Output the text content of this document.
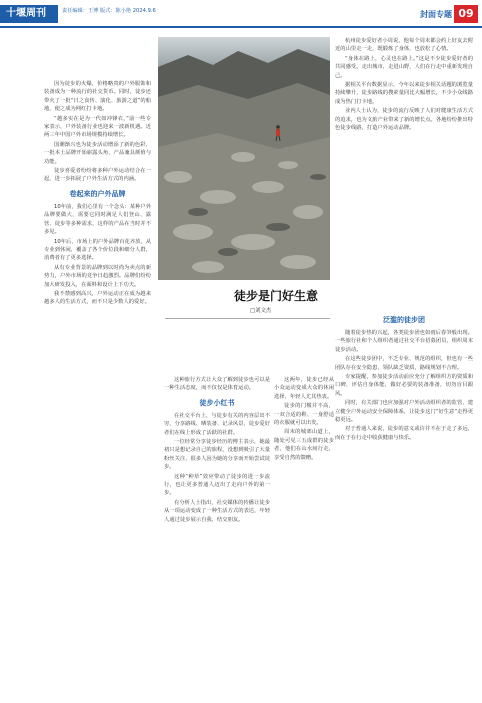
十堰周刊	责任编辑：王博 版式：陈小艳 2024.9.6	封面专题 09

因为徒步的火爆，价格略贵的户外服饰和装备成为一种流行的社交货币。同时，徒步还带火了一批“日之食传、演化、旅游之道”的船地，使之成为网红打卡地。

“越多实在是为一代如冲锋衣，”前一些专家表示，户外装备行业也迎来一波新机遇。近两三年中国户外市场规模持续增长。

国潮渐兴也为徒步活动增添了新的色彩，一批本土品牌开始崭露头角，产品兼具颜值与功能。

徒步喜爱者纷纷将多种户外运动结合在一起，进一步拓展了户外生活方式的内涵。

卷起来的户外品牌

10年前，我们心里有一个念头：某种户外品牌要做大，需要它同时满足人们登山、露营、徒步等多种需求，这样的产品在当时并不多见。

10年后，市场上的户外品牌百花齐放，从专业到休闲，覆盖了各个价位段和细分人群，消费者有了更多选择。

从有专业背景的品牌到以时尚为卖点的新势力，户外市场的竞争日趋激烈。品牌们纷纷加大研发投入，在面料和设计上下功夫。

我不禁感到高兴，户外运动正在成为越来越多人的生活方式，而不只是少数人的爱好。	徒步是门好生意
□刘文杰

杭州徒步爱好者小周说，他每个周末都会约上好友去附近的山里走一走，既锻炼了身体，也放松了心情。

“身体在路上，心灵也在路上。”这是不少徒步爱好者的共同感受。走出城市，走进山野，人们在行走中重新发现自己。

据相关平台数据显示，今年以来徒步相关话题的浏览量持续攀升，徒步路线的搜索量同比大幅增长，不少小众线路成为热门打卡地。

业内人士认为，徒步的流行反映了人们对健康生活方式的追求，也为文旅产业带来了新的增长点。各地纷纷推出特色徒步线路，打造户外运动品牌。

泛滥的徒步团

随着徒步热的兴起，各类徒步团也如雨后春笋般出现。一些旅行社和个人组织者通过社交平台招募团员，组织周末徒步活动。

在这些徒步团中，不乏专业、规范的组织，但也有一些团队存在安全隐患，领队缺乏资质，路线规划不合理。

专家提醒，参加徒步活动前应充分了解组织方的资质和口碑，评估自身体能，做好必要的装备准备，切勿盲目跟风。

同时，有关部门也应加强对户外活动组织者的监管，建立健全户外运动安全保障体系，让徒步这门“好生意”走得更稳更远。

对于普通人来说，徒步的意义或许并不在于走了多远，而在于在行走中收获健康与快乐。

这种旅行方式让大众了解到徒步也可以是一种生活态度，而不仅仅是体育运动。

徒步小红书

在社交平台上，与徒步有关的内容层出不穷，分享路线、晒装备、记录风景，徒步爱好者们在线上形成了活跃的社群。

一位经常分享徒步经历的博主表示，她最初只是想记录自己的旅程，没想到吸引了大量粉丝关注，很多人因为她的分享而开始尝试徒步。

这种“种草”效应带动了徒步的进一步流行，也让更多普通人迈出了走向户外的第一步。

有分析人士指出，社交媒体的传播让徒步从一项运动变成了一种生活方式的表达，年轻人通过徒步展示自我、结交朋友。

这两年，徒步已经从小众运动变成大众的休闲选择，年轻人尤其热衷。

徒步的门槛并不高，一双合适的鞋、一身舒适的衣服就可以出发。

周末的城郊山道上，随处可见三五成群的徒步者，他们在山水间行走，享受自然的馈赠。
